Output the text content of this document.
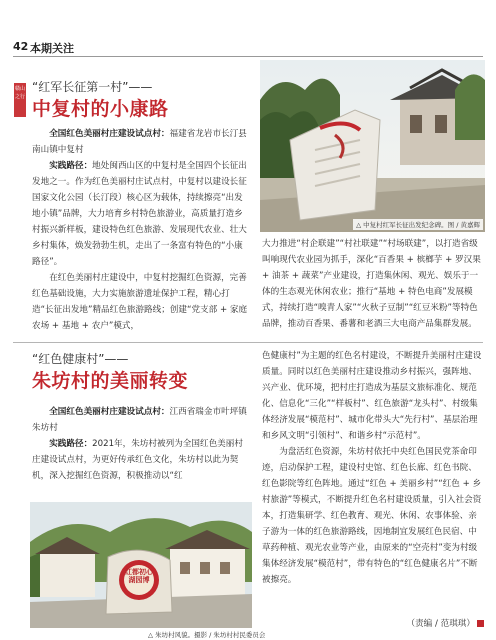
42 本期关注
赣山之行
“红军长征第一村”——
中复村的小康路
△ 中复村红军长征出发纪念碑。图 / 黄嘉辉

全国红色美丽村庄建设试点村：福建省龙岩市长汀县南山镇中复村

实践路径：地处闽西山区的中复村是全国四个长征出发地之一。作为红色美丽村庄试点村，中复村以建设长征国家文化公园（长汀段）核心区为载体，持续擦亮“出发地小镇”品牌，大力培育乡村特色旅游业，高质量打造乡村振兴新样板，建设特色红色旅游、发展现代农业、壮大乡村集体，焕发勃勃生机，走出了一条富有特色的“小康路径”。

在红色美丽村庄建设中，中复村挖掘红色资源，完善红色基础设施，大力实施旅游遗址保护工程，精心打造“长征出发地”精品红色旅游路线；创建“党支部 + 家庭农场 + 基地 + 农户”模式，

大力推进“村企联建”“村社联建”“村场联建”，以打造省级叫响现代农业园为抓手，深化“百香果 + 槟榔芋 + 罗汉果 + 油茶 + 蔬菜”产业建设，打造集休闲、观光、娱乐于一体的生态观光休闲农业；推行“基地 + 特色电商”发展模式，持续打造“嗅青人家”“火秋子豆制”“红豆米粉”等特色品牌，推动百香果、番薯和老酒三大电商产品集群发展。

“红色健康村”——
朱坊村的美丽转变

全国红色美丽村庄建设试点村：江西省瑞金市叶坪镇朱坊村

实践路径：2021年，朱坊村被列为全国红色美丽村庄建设试点村，为更好传承红色文化，朱坊村以此为契机，深入挖掘红色资源，积极推动以“红

红都初心湖园博
△ 朱坊村风貌。摄影 / 朱坊村村民委员会

色健康村”为主题的红色名村建设，不断提升美丽村庄建设质量。同时以红色美丽村庄建设推动乡村振兴，强阵地、兴产业、优环境，把村庄打造成为基层文旅标准化、规范化、信息化“三化”“样板村”、红色旅游“龙头村”、村级集体经济发展“模范村”、城市化带头大“先行村”、基层治理和乡风文明“引领村”、和谐乡村“示范村”。

为盘活红色资源，朱坊村依托中央红色国民党茶命印迹，启动保护工程，建设村史馆、红色长廊、红色书院、红色影院等红色阵地。通过“红色 + 美丽乡村”“红色 + 乡村旅游”等模式，不断提升红色名村建设质量，引入社会资本，打造集研学、红色教育、观光、休闲、农事体验、亲子游为一体的红色旅游路线，因地制宜发展红色民宿、中草药种植、观光农业等产业，由原来的“空壳村”变为村级集体经济发展“模范村”，带有特色的“红色健康名片”不断被擦亮。

（责编 / 范琪琪）
